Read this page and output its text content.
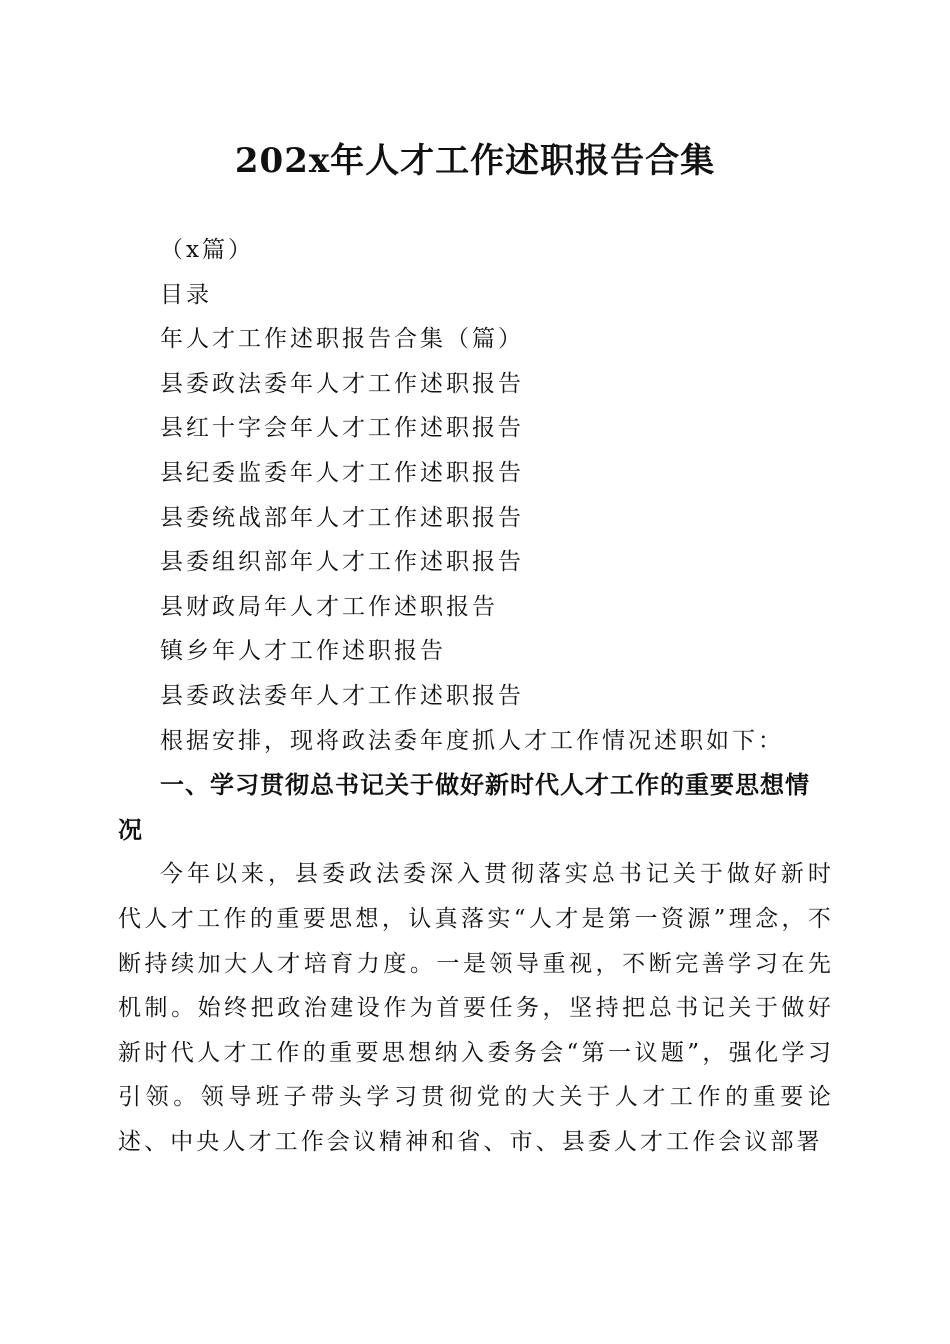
202x年人才工作述职报告合集

（x篇）

目录

年人才工作述职报告合集（篇）

县委政法委年人才工作述职报告

县红十字会年人才工作述职报告

县纪委监委年人才工作述职报告

县委统战部年人才工作述职报告

县委组织部年人才工作述职报告

县财政局年人才工作述职报告

镇乡年人才工作述职报告

县委政法委年人才工作述职报告

根据安排，现将政法委年度抓人才工作情况述职如下：

一、学习贯彻总书记关于做好新时代人才工作的重要思想情况

今年以来，县委政法委深入贯彻落实总书记关于做好新时代人才工作的重要思想，认真落实“人才是第一资源”理念，不断持续加大人才培育力度。一是领导重视，不断完善学习在先机制。始终把政治建设作为首要任务，坚持把总书记关于做好新时代人才工作的重要思想纳入委务会“第一议题”，强化学习引领。领导班子带头学习贯彻党的大关于人才工作的重要论述、中央人才工作会议精神和省、市、县委人才工作会议部署
